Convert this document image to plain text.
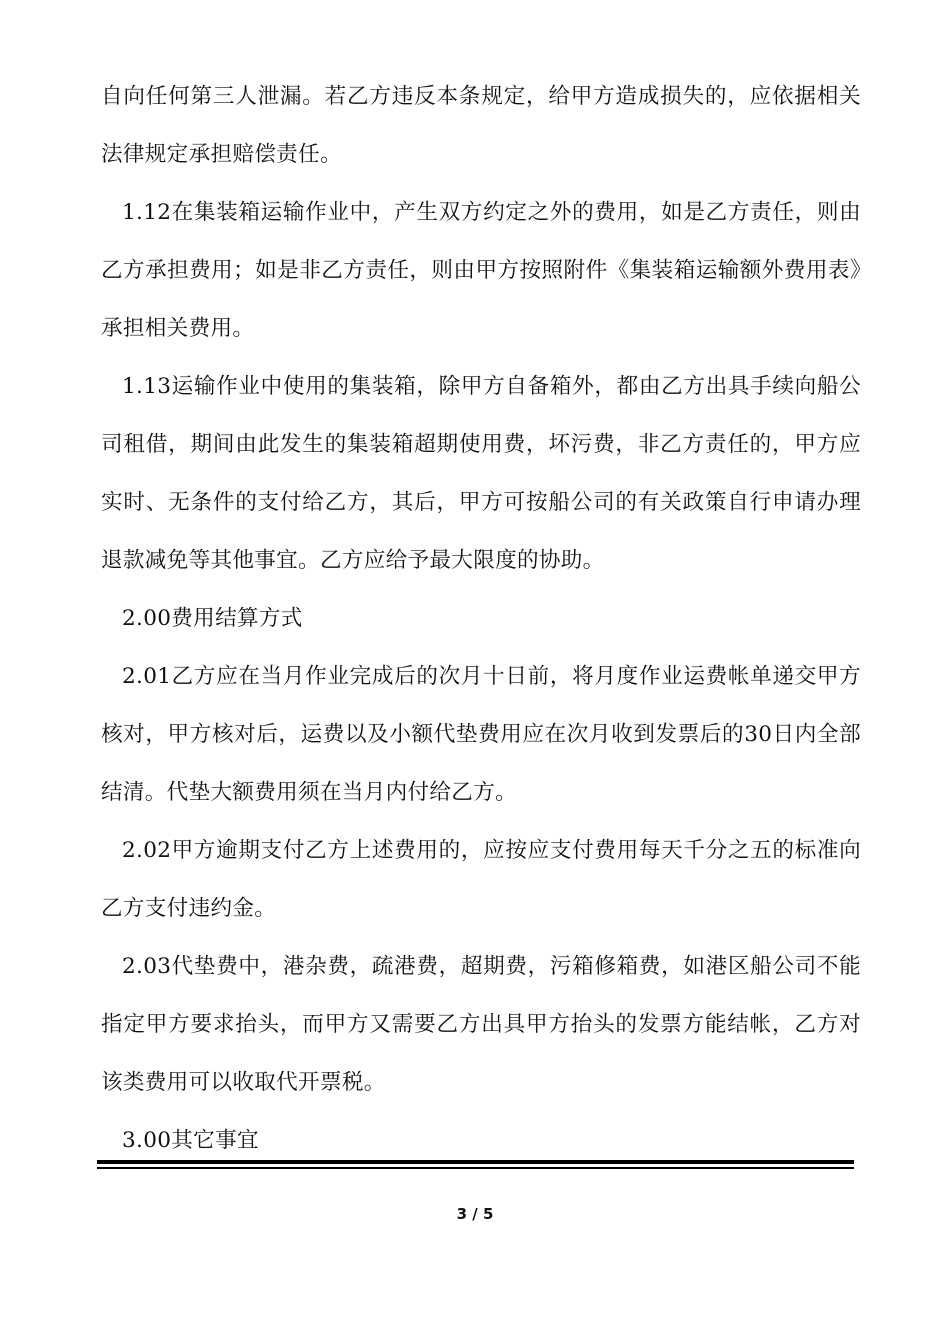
自向任何第三人泄漏。若乙方违反本条规定，给甲方造成损失的，应依据相关法律规定承担赔偿责任。

1.12在集装箱运输作业中，产生双方约定之外的费用，如是乙方责任，则由乙方承担费用；如是非乙方责任，则由甲方按照附件《集装箱运输额外费用表》承担相关费用。

1.13运输作业中使用的集装箱，除甲方自备箱外，都由乙方出具手续向船公司租借，期间由此发生的集装箱超期使用费，坏污费，非乙方责任的，甲方应实时、无条件的支付给乙方，其后，甲方可按船公司的有关政策自行申请办理退款减免等其他事宜。乙方应给予最大限度的协助。

2.00费用结算方式

2.01乙方应在当月作业完成后的次月十日前，将月度作业运费帐单递交甲方核对，甲方核对后，运费以及小额代垫费用应在次月收到发票后的30日内全部结清。代垫大额费用须在当月内付给乙方。

2.02甲方逾期支付乙方上述费用的，应按应支付费用每天千分之五的标准向乙方支付违约金。

2.03代垫费中，港杂费，疏港费，超期费，污箱修箱费，如港区船公司不能指定甲方要求抬头，而甲方又需要乙方出具甲方抬头的发票方能结帐，乙方对该类费用可以收取代开票税。

3.00其它事宜

3 / 5
